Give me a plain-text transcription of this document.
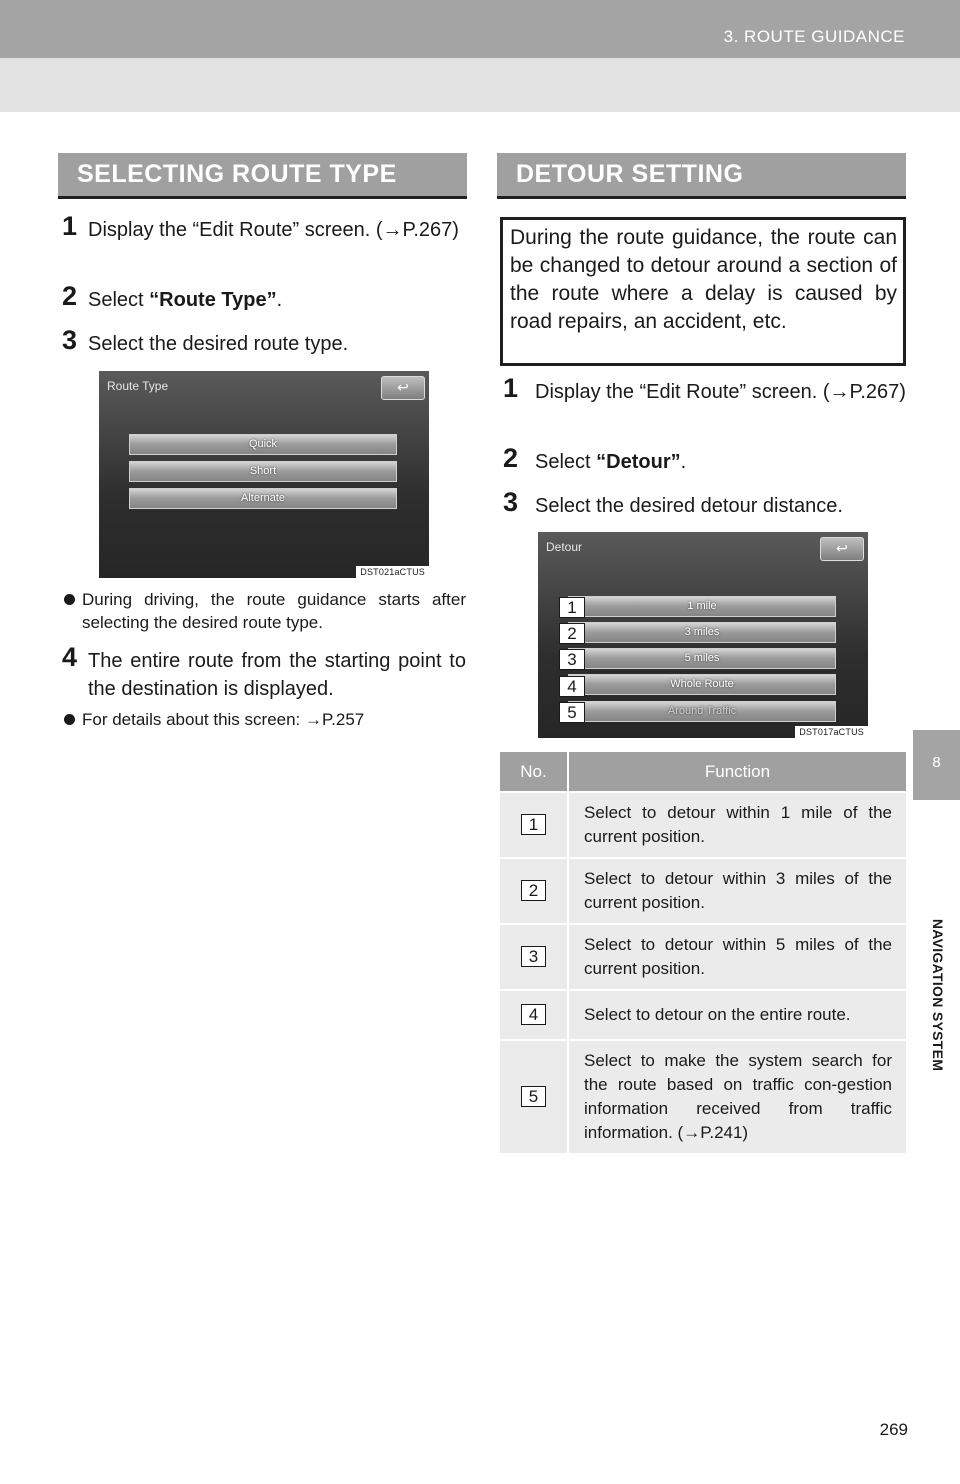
3. ROUTE GUIDANCE
8
NAVIGATION SYSTEM
SELECTING ROUTE TYPE
1 Display the “Edit Route” screen. (→P.267)
2 Select “Route Type”.
3 Select the desired route type.
Route Type	↩
Quick
Short
Alternate
DST021aCTUS
During driving, the route guidance starts after selecting the desired route type.
4 The entire route from the starting point to the destination is displayed.
For details about this screen: →P.257
DETOUR SETTING
During the route guidance, the route can be changed to detour around a section of the route where a delay is caused by road repairs, an accident, etc.
1 Display the “Edit Route” screen. (→P.267)
2 Select “Detour”.
3 Select the desired detour distance.
Detour	↩
1 mile
3 miles
5 miles
Whole Route
Around Traffic
1
2
3
4
5
DST017aCTUS
No.	Function
1	Select to detour within 1 mile of the current position.
2	Select to detour within 3 miles of the current position.
3	Select to detour within 5 miles of the current position.
4	Select to detour on the entire route.
5	Select to make the system search for the route based on traffic con-gestion information received from traffic information. (→P.241)
269
